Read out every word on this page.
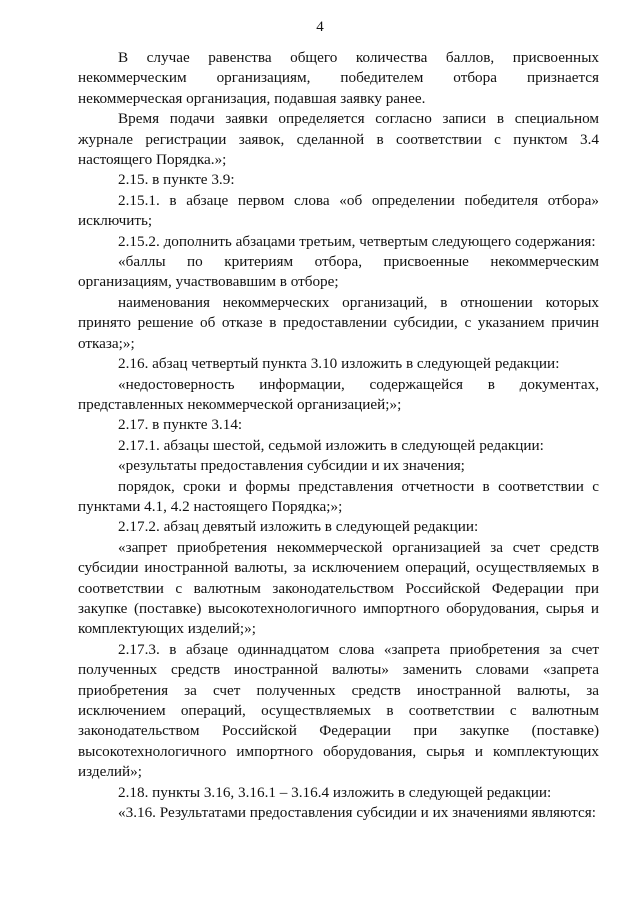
4

В случае равенства общего количества баллов, присвоенных некоммерческим организациям, победителем отбора признается некоммерческая организация, подавшая заявку ранее.

Время подачи заявки определяется согласно записи в специальном журнале регистрации заявок, сделанной в соответствии с пунктом 3.4 настоящего Порядка.»;

2.15. в пункте 3.9:

2.15.1. в абзаце первом слова «об определении победителя отбора» исключить;

2.15.2. дополнить абзацами третьим, четвертым следующего содержания:

«баллы по критериям отбора, присвоенные некоммерческим организациям, участвовавшим в отборе;

наименования некоммерческих организаций, в отношении которых принято решение об отказе в предоставлении субсидии, с указанием причин отказа;»;

2.16. абзац четвертый пункта 3.10 изложить в следующей редакции:

«недостоверность информации, содержащейся в документах, представленных некоммерческой организацией;»;

2.17. в пункте 3.14:

2.17.1. абзацы шестой, седьмой изложить в следующей редакции:

«результаты предоставления субсидии и их значения;

порядок, сроки и формы представления отчетности в соответствии с пунктами 4.1, 4.2 настоящего Порядка;»;

2.17.2. абзац девятый изложить в следующей редакции:

«запрет приобретения некоммерческой организацией за счет средств субсидии иностранной валюты, за исключением операций, осуществляемых в соответствии с валютным законодательством Российской Федерации при закупке (поставке) высокотехнологичного импортного оборудования, сырья и комплектующих изделий;»;

2.17.3. в абзаце одиннадцатом слова «запрета приобретения за счет полученных средств иностранной валюты» заменить словами «запрета приобретения за счет полученных средств иностранной валюты, за исключением операций, осуществляемых в соответствии с валютным законодательством Российской Федерации при закупке (поставке) высокотехнологичного импортного оборудования, сырья и комплектующих изделий»;

2.18. пункты 3.16, 3.16.1 – 3.16.4 изложить в следующей редакции:

«3.16. Результатами предоставления субсидии и их значениями являются:
